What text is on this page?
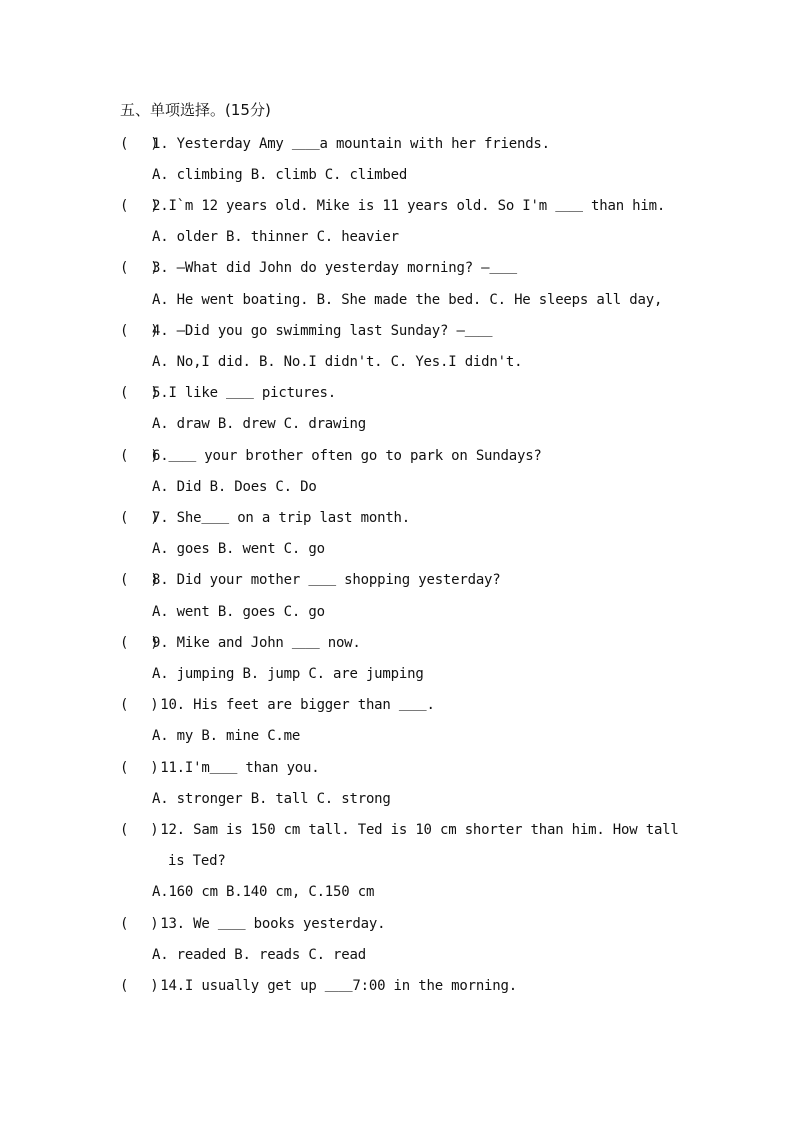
五、单项选择。(15分)
(　 )1. Yesterday Amy ＿＿a mountain with her friends.
A. climbing B. climb C. climbed
(　 )2.I`m 12 years old. Mike is 11 years old. So I'm ＿＿ than him.
A. older B. thinner C. heavier
(　 )3. —What did John do yesterday morning? —＿＿
A. He went boating. B. She made the bed. C. He sleeps all day,
(　 )4. —Did you go swimming last Sunday? —＿＿
A. No,I did. B. No.I didn't. C. Yes.I didn't.
(　 )5.I like ＿＿ pictures.
A. draw B. drew C. drawing
(　 )6.＿＿ your brother often go to park on Sundays?
A. Did B. Does C. Do
(　 )7. She＿＿ on a trip last month.
A. goes B. went C. go
(　 )8. Did your mother ＿＿ shopping yesterday?
A. went B. goes C. go
(　 )9. Mike and John ＿＿ now.
A. jumping B. jump C. are jumping
(　 ) 10. His feet are bigger than ＿＿.
A. my B. mine C.me
(　 ) 11.I'm＿＿ than you.
A. stronger B. tall C. strong
(　 ) 12. Sam is 150 cm tall. Ted is 10 cm shorter than him. How tall
is Ted?
A.160 cm B.140 cm, C.150 cm
(　 ) 13. We ＿＿ books yesterday.
A. readed B. reads C. read
(　 ) 14.I usually get up ＿＿7:00 in the morning.
